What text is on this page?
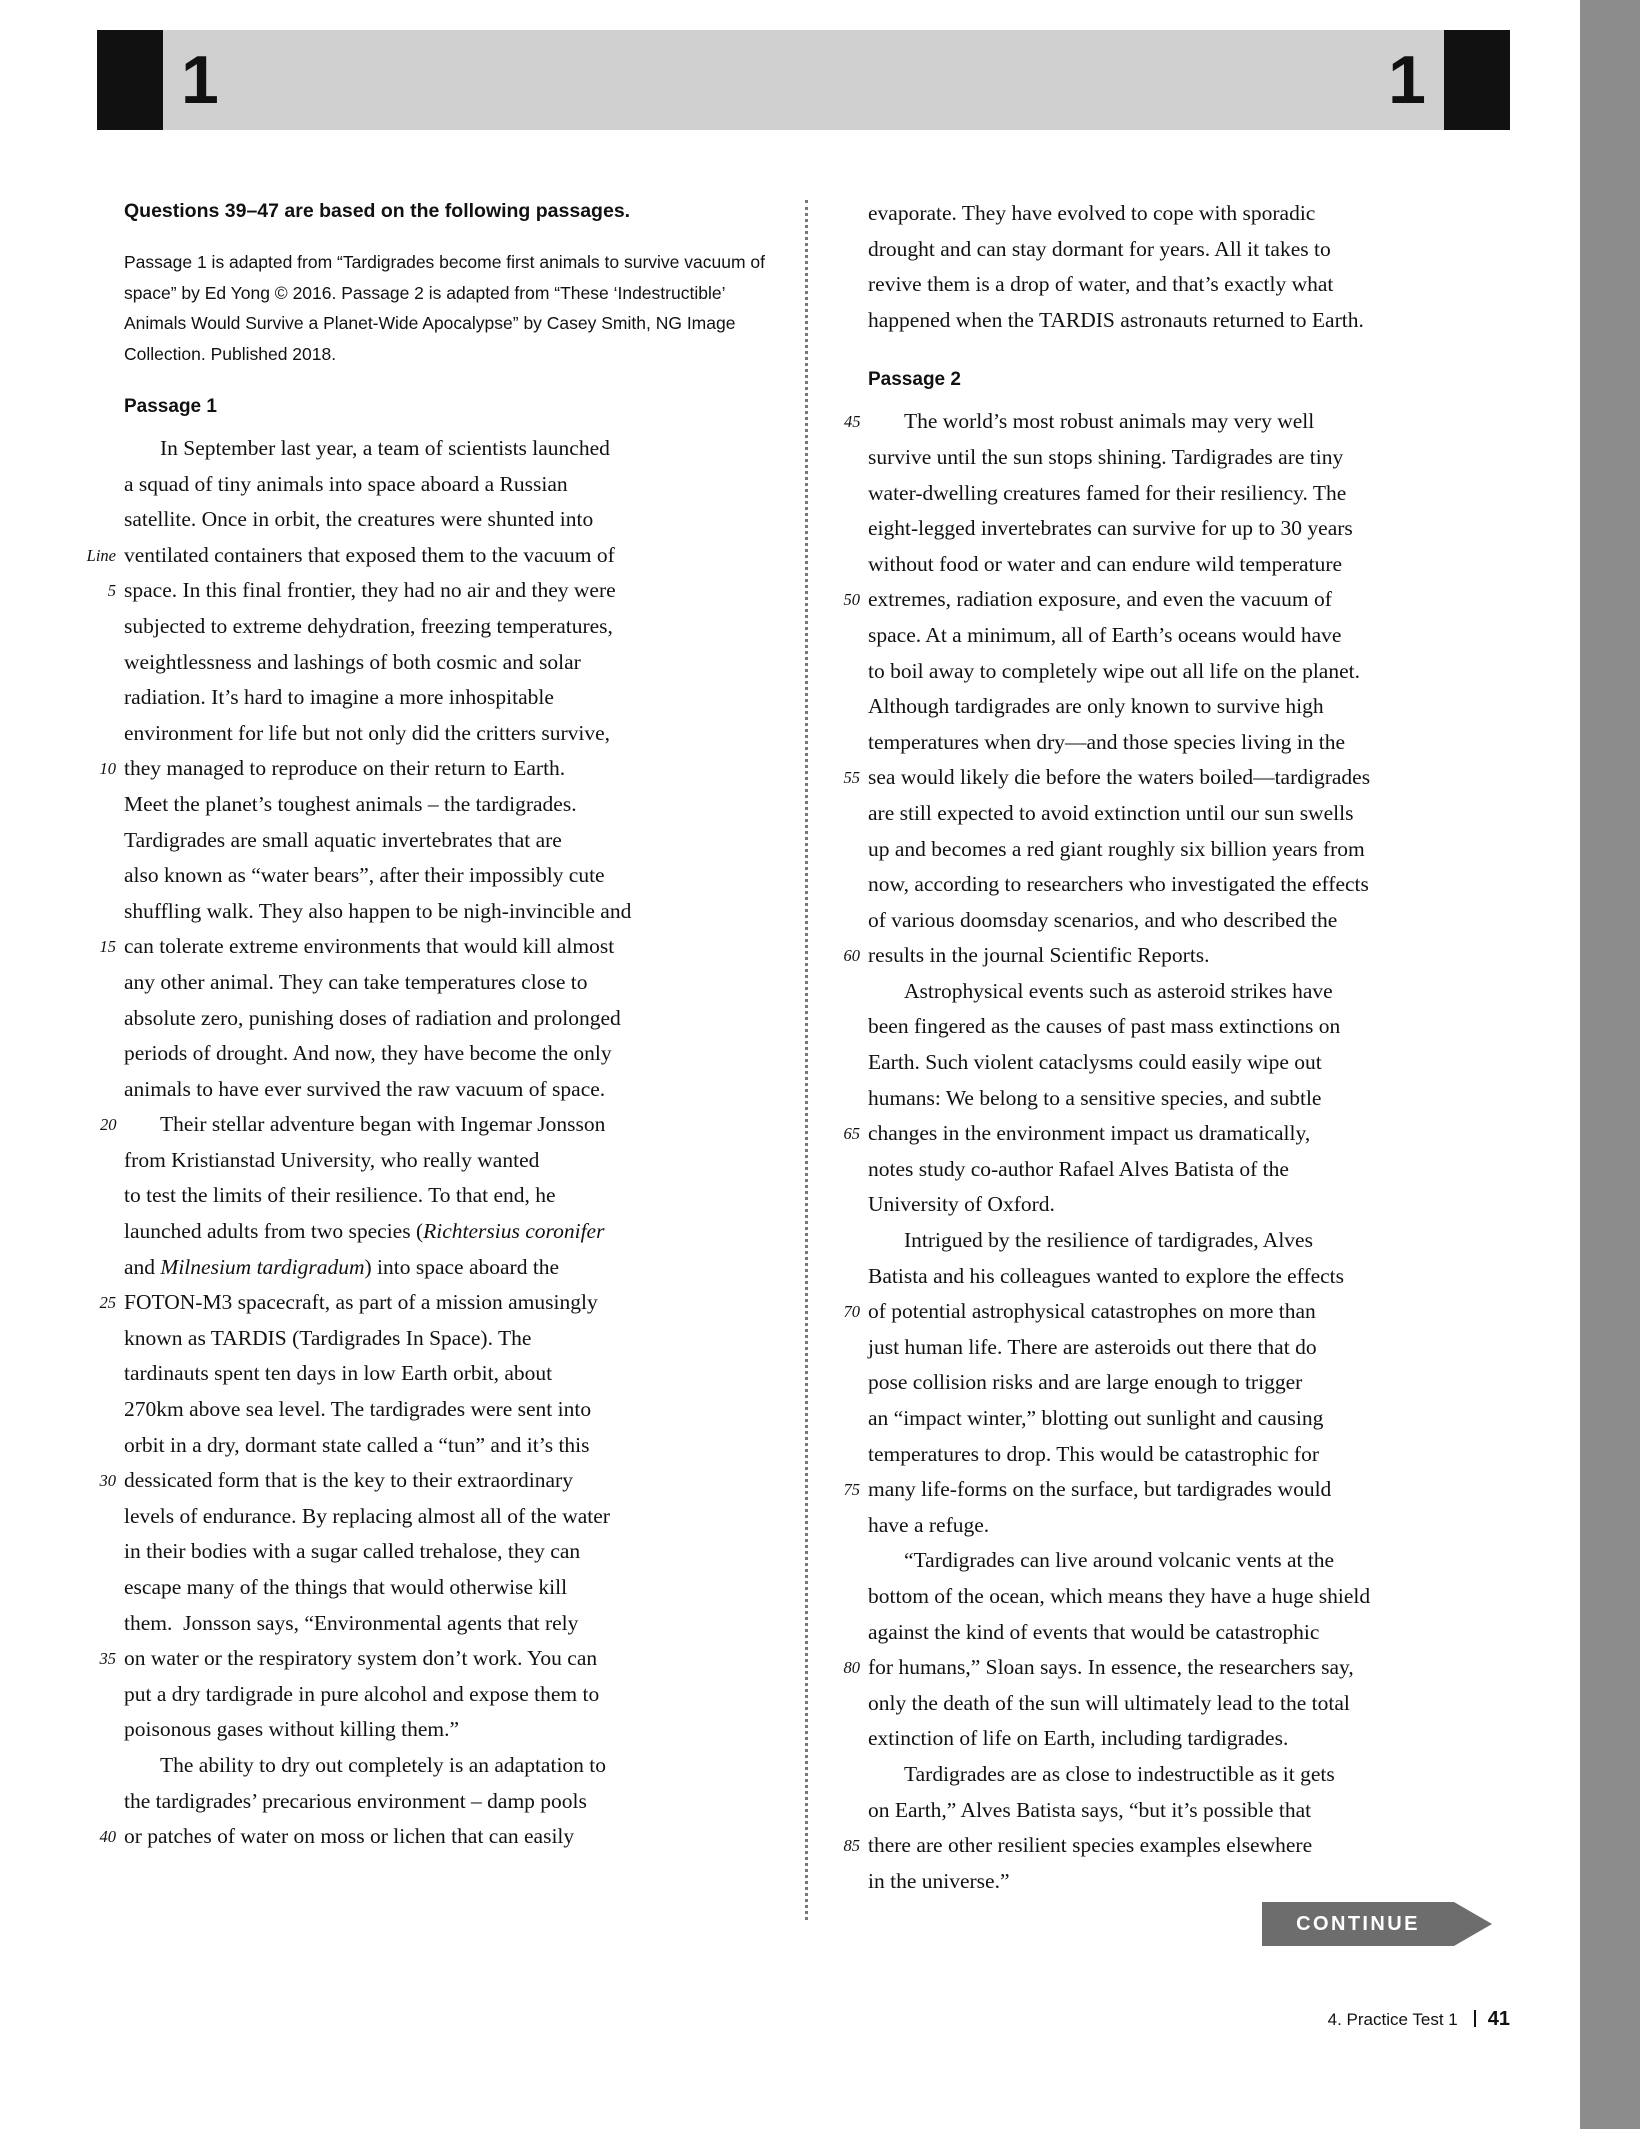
1	1

Questions 39–47 are based on the following passages.

Passage 1 is adapted from “Tardigrades become first animals to survive vacuum of space” by Ed Yong © 2016. Passage 2 is adapted from “These ‘Indestructible’ Animals Would Survive a Planet-Wide Apocalypse” by Casey Smith, NG Image Collection. Published 2018.

Passage 1

In September last year, a team of scientists launched
a squad of tiny animals into space aboard a Russian
satellite. Once in orbit, the creatures were shunted into
Line ventilated containers that exposed them to the vacuum of
5 space. In this final frontier, they had no air and they were
subjected to extreme dehydration, freezing temperatures,
weightlessness and lashings of both cosmic and solar
radiation. It’s hard to imagine a more inhospitable
environment for life but not only did the critters survive,
10 they managed to reproduce on their return to Earth.
Meet the planet’s toughest animals – the tardigrades.
Tardigrades are small aquatic invertebrates that are
also known as “water bears”, after their impossibly cute
shuffling walk. They also happen to be nigh-invincible and
15 can tolerate extreme environments that would kill almost
any other animal. They can take temperatures close to
absolute zero, punishing doses of radiation and prolonged
periods of drought. And now, they have become the only
animals to have ever survived the raw vacuum of space.
20 Their stellar adventure began with Ingemar Jonsson
from Kristianstad University, who really wanted
to test the limits of their resilience. To that end, he
launched adults from two species (Richtersius coronifer
and Milnesium tardigradum) into space aboard the
25 FOTON-M3 spacecraft, as part of a mission amusingly
known as TARDIS (Tardigrades In Space). The
tardinauts spent ten days in low Earth orbit, about
270km above sea level. The tardigrades were sent into
orbit in a dry, dormant state called a “tun” and it’s this
30 dessicated form that is the key to their extraordinary
levels of endurance. By replacing almost all of the water
in their bodies with a sugar called trehalose, they can
escape many of the things that would otherwise kill
them.  Jonsson says, “Environmental agents that rely
35 on water or the respiratory system don’t work. You can
put a dry tardigrade in pure alcohol and expose them to
poisonous gases without killing them.”
The ability to dry out completely is an adaptation to
the tardigrades’ precarious environment – damp pools
40 or patches of water on moss or lichen that can easily
evaporate. They have evolved to cope with sporadic
drought and can stay dormant for years. All it takes to
revive them is a drop of water, and that’s exactly what
happened when the TARDIS astronauts returned to Earth.

Passage 2

45 The world’s most robust animals may very well
survive until the sun stops shining. Tardigrades are tiny
water-dwelling creatures famed for their resiliency. The
eight-legged invertebrates can survive for up to 30 years
without food or water and can endure wild temperature
50 extremes, radiation exposure, and even the vacuum of
space. At a minimum, all of Earth’s oceans would have
to boil away to completely wipe out all life on the planet.
Although tardigrades are only known to survive high
temperatures when dry—and those species living in the
55 sea would likely die before the waters boiled—tardigrades
are still expected to avoid extinction until our sun swells
up and becomes a red giant roughly six billion years from
now, according to researchers who investigated the effects
of various doomsday scenarios, and who described the
60 results in the journal Scientific Reports.
Astrophysical events such as asteroid strikes have
been fingered as the causes of past mass extinctions on
Earth. Such violent cataclysms could easily wipe out
humans: We belong to a sensitive species, and subtle
65 changes in the environment impact us dramatically,
notes study co-author Rafael Alves Batista of the
University of Oxford.
Intrigued by the resilience of tardigrades, Alves
Batista and his colleagues wanted to explore the effects
70 of potential astrophysical catastrophes on more than
just human life. There are asteroids out there that do
pose collision risks and are large enough to trigger
an “impact winter,” blotting out sunlight and causing
temperatures to drop. This would be catastrophic for
75 many life-forms on the surface, but tardigrades would
have a refuge.
“Tardigrades can live around volcanic vents at the
bottom of the ocean, which means they have a huge shield
against the kind of events that would be catastrophic
80 for humans,” Sloan says. In essence, the researchers say,
only the death of the sun will ultimately lead to the total
extinction of life on Earth, including tardigrades.
Tardigrades are as close to indestructible as it gets
on Earth,” Alves Batista says, “but it’s possible that
85 there are other resilient species examples elsewhere
in the universe.”
CONTINUE
4. Practice Test 1 41
